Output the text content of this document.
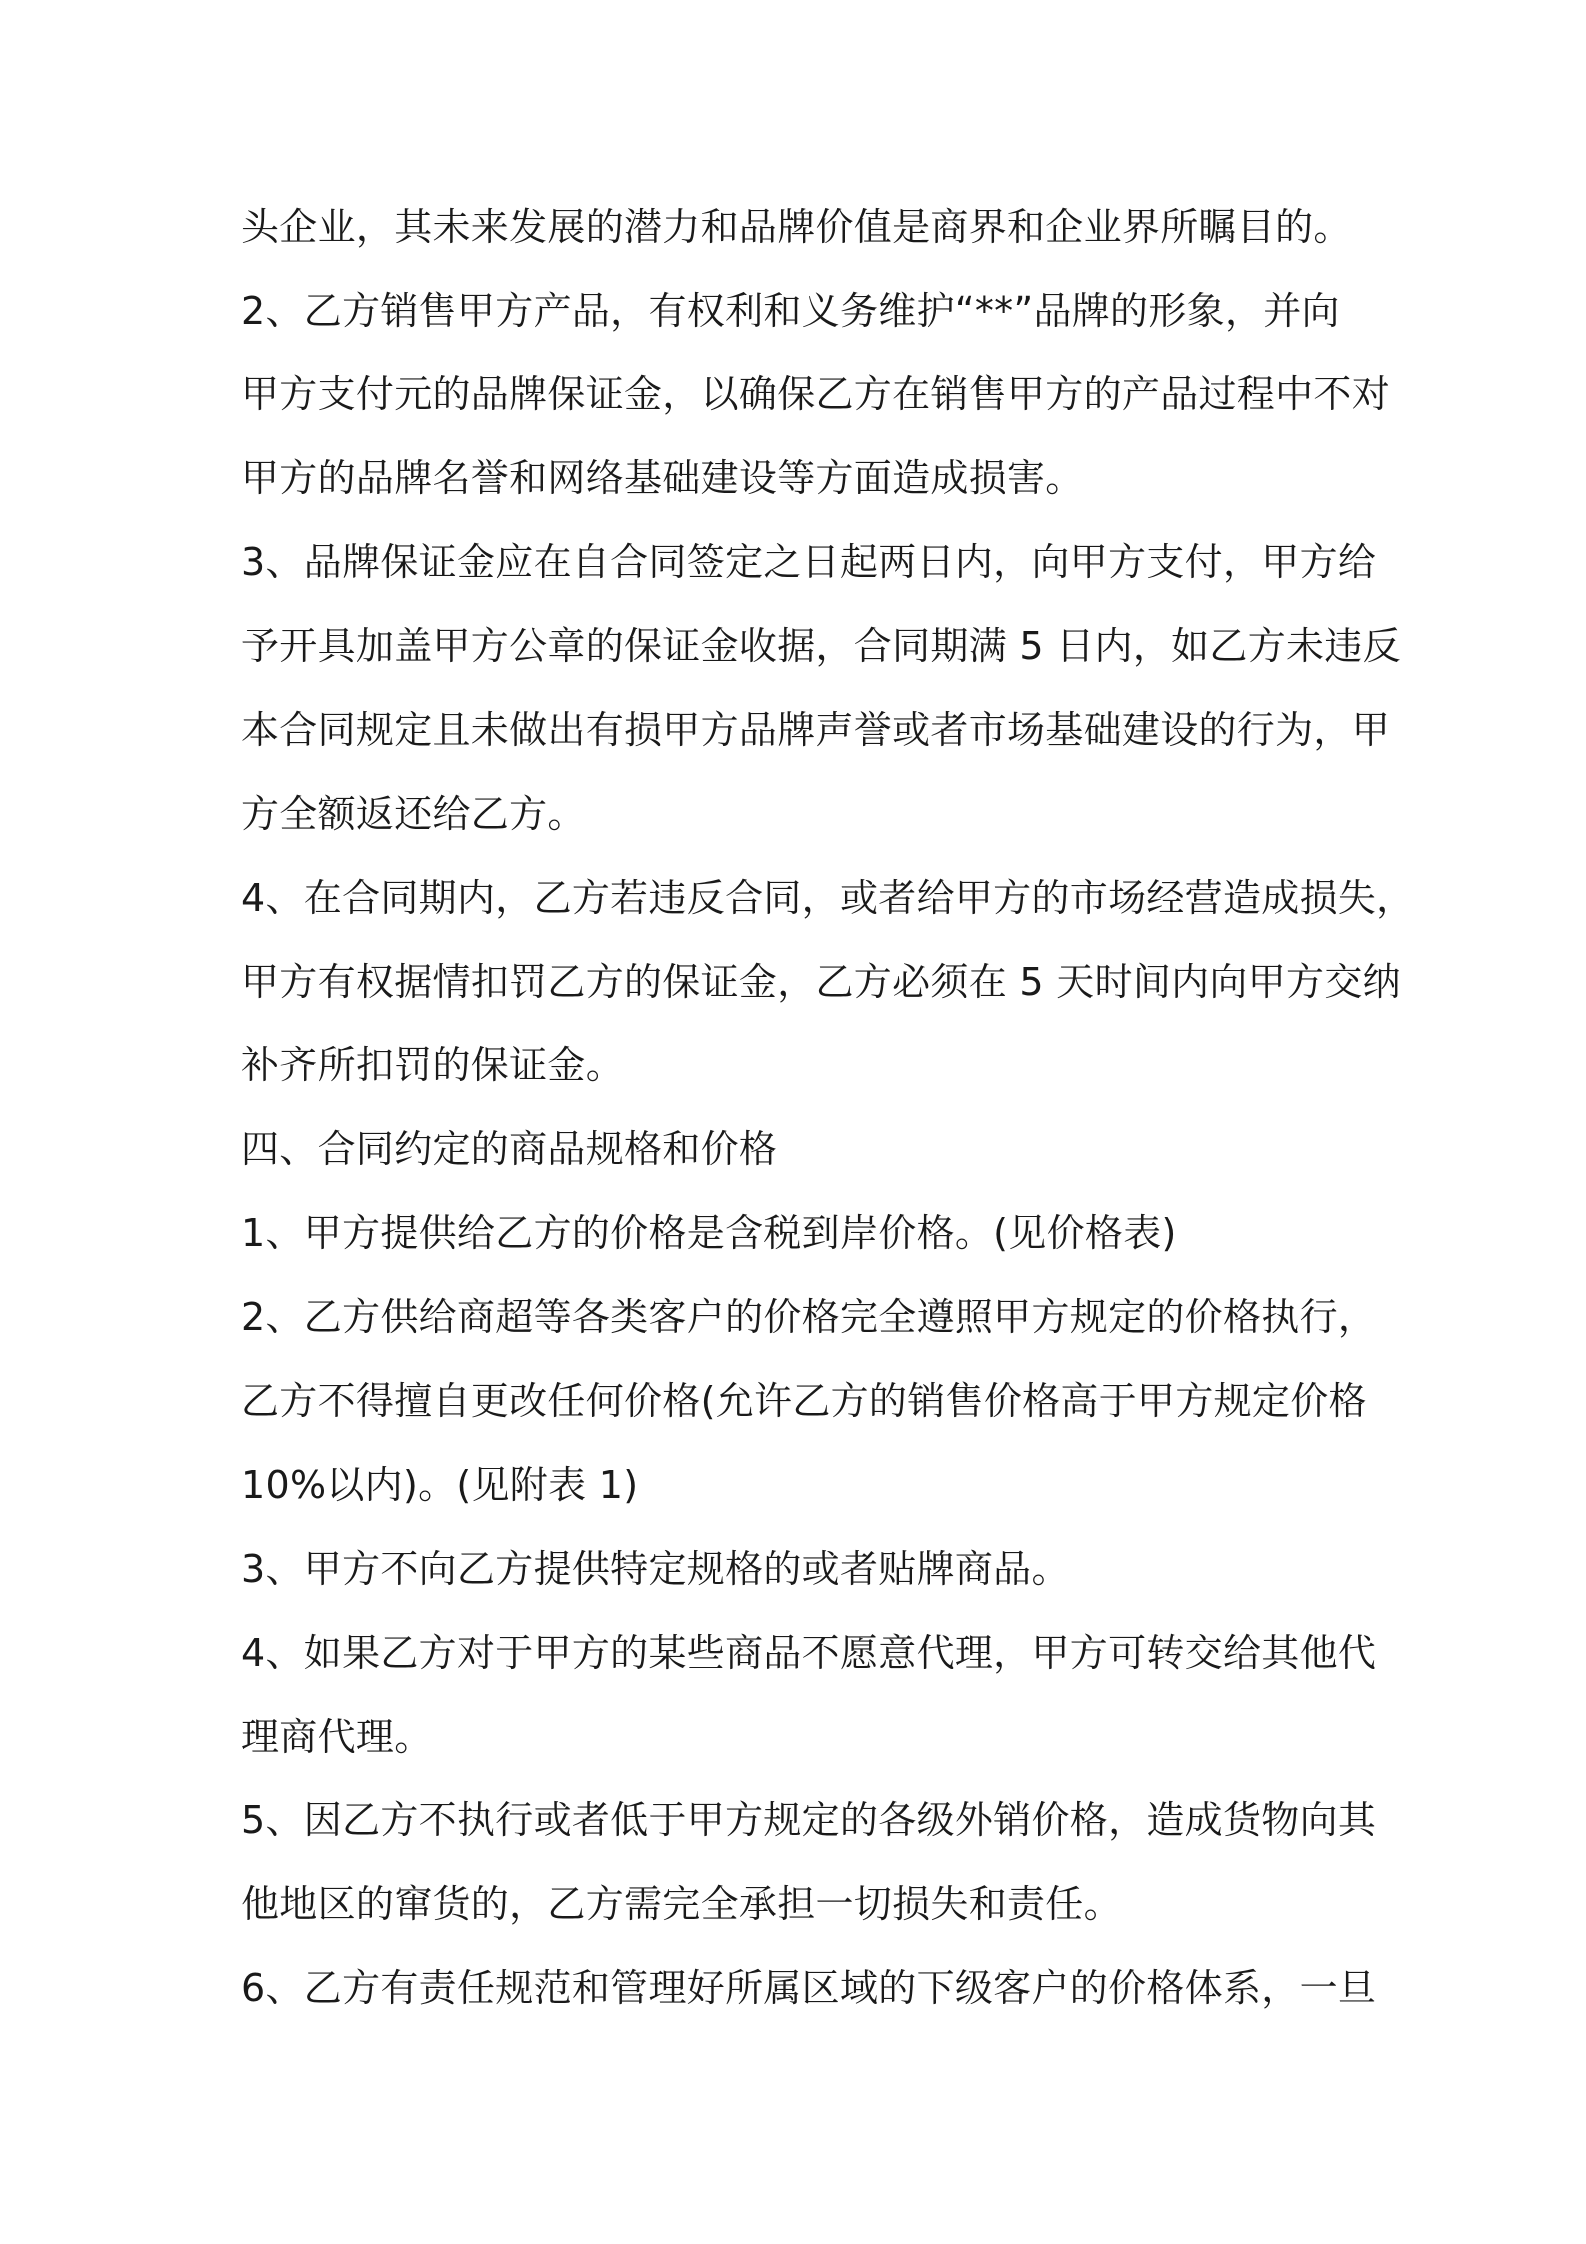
头企业，其未来发展的潜力和品牌价值是商界和企业界所瞩目的。
2、乙方销售甲方产品，有权利和义务维护“**”品牌的形象，并向
甲方支付元的品牌保证金，以确保乙方在销售甲方的产品过程中不对
甲方的品牌名誉和网络基础建设等方面造成损害。
3、品牌保证金应在自合同签定之日起两日内，向甲方支付，甲方给
予开具加盖甲方公章的保证金收据，合同期满 5 日内，如乙方未违反
本合同规定且未做出有损甲方品牌声誉或者市场基础建设的行为，甲
方全额返还给乙方。
4、在合同期内，乙方若违反合同，或者给甲方的市场经营造成损失，
甲方有权据情扣罚乙方的保证金，乙方必须在 5 天时间内向甲方交纳
补齐所扣罚的保证金。
四、合同约定的商品规格和价格
1、甲方提供给乙方的价格是含税到岸价格。(见价格表)
2、乙方供给商超等各类客户的价格完全遵照甲方规定的价格执行，
乙方不得擅自更改任何价格(允许乙方的销售价格高于甲方规定价格
10%以内)。(见附表 1)
3、甲方不向乙方提供特定规格的或者贴牌商品。
4、如果乙方对于甲方的某些商品不愿意代理，甲方可转交给其他代
理商代理。
5、因乙方不执行或者低于甲方规定的各级外销价格，造成货物向其
他地区的窜货的，乙方需完全承担一切损失和责任。
6、乙方有责任规范和管理好所属区域的下级客户的价格体系，一旦
